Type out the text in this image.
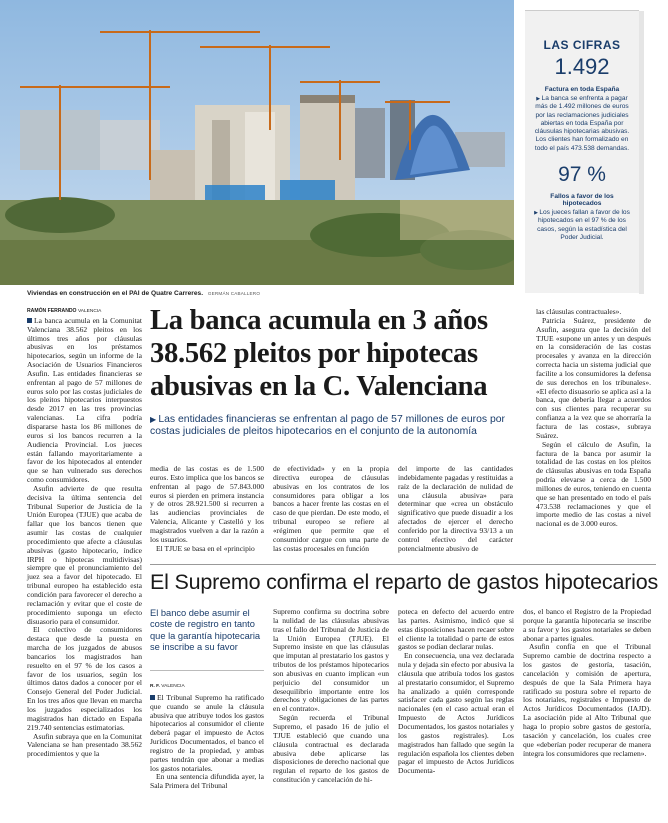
Viviendas en construcción en el PAI de Quatre Carreres. GERMÁN CABALLERO
LAS CIFRAS
1.492
Factura en toda España
▶ La banca se enfrenta a pagar más de 1.492 millones de euros por las reclamaciones judiciales abiertas en toda España por cláusulas hipotecarias abusivas. Los clientes han formalizado en todo el país 473.538 demandas.
97 %
Fallos a favor de los hipotecados
▶ Los jueces fallan a favor de los hipotecados en el 97 % de los casos, según la estadística del Poder Judicial.
RAMÓN FERRANDO VALENCIA

La banca acumula en la Comunitat Valenciana 38.562 pleitos en los últimos tres años por cláusulas abusivas en los préstamos hipotecarios, según un informe de la Asociación de Usuarios Financieros Asufin. Las entidades financieras se enfrentan al pago de 57 millones de euros solo por las costas judiciales de los pleitos hipotecarios interpuestos desde 2017 en las tres provincias valencianas. La cifra podría dispararse hasta los 86 millones de euros si los bancos recurren a la Audiencia Provincial. Los jueces están fallando mayoritariamente a favor de los hipotecados al entender que se han vulnerado sus derechos como consumidores.

Asufin advierte de que resulta decisiva la última sentencia del Tribunal Superior de Justicia de la Unión Europea (TJUE) que acaba de fallar que los bancos tienen que asumir las costas de cualquier procedimiento que afecte a cláusulas abusivas (gasto hipotecario, índice IRPH o hipotecas multidivisas) siempre que el pronunciamiento del juez sea a favor del hipotecado. El tribunal europeo ha establecido esta condición para favorecer el derecho a reclamación y evitar que el coste de procedimiento suponga un efecto disuasorio para el consumidor.

El colectivo de consumidores destaca que desde la puesta en marcha de los juzgados de abusos bancarios los magistrados han resuelto en el 97 % de los casos a favor de los usuarios, según los últimos datos dados a conocer por el Consejo General del Poder Judicial. En los tres años que llevan en marcha los juzgados especializados los magistrados han dictado en España 219.740 sentencias estimatorias.

Asufin subraya que en la Comunitat Valenciana se han presentado 38.562 procedimientos y que la

La banca acumula en 3 años 38.562 pleitos por hipotecas abusivas en la C. Valenciana
▶ Las entidades financieras se enfrentan al pago de 57 millones de euros por costas judiciales de pleitos hipotecarios en el conjunto de la autonomía

las cláusulas contractuales».

Patricia Suárez, presidente de Asufin, asegura que la decisión del TJUE «supone un antes y un después en la consideración de las costas procesales y avanza en la dirección correcta hacia un sistema judicial que facilite a los consumidores la defensa de sus derechos en los tribunales». «El efecto disuasorio se aplica así a la banca, que debería llegar a acuerdos con sus clientes para recuperar su confianza a la vez que se ahorraría la factura de las costas», subraya Suárez.

Según el cálculo de Asufin, la factura de la banca por asumir la totalidad de las costas en los pleitos de cláusulas abusivas en toda España podría elevarse a cerca de 1.500 millones de euros, teniendo en cuenta que se han presentado en todo el país 473.538 reclamaciones y que el importe medio de las costas a nivel nacional es de 3.000 euros.

media de las costas es de 1.500 euros. Esto implica que los bancos se enfrentan al pago de 57.843.000 euros si pierden en primera instancia y de otros 28.921.500 si recurren a las audiencias provinciales de Valencia, Alicante y Castelló y los magistrados vuelven a dar la razón a los usuarios.

El TJUE se basa en el «principio

de efectividad» y en la propia directiva europea de cláusulas abusivas en los contratos de los consumidores para obligar a los bancos a hacer frente las costas en el caso de que pierdan. De este modo, el tribunal europeo se refiere al «régimen que permite que el consumidor cargue con una parte de las costas procesales en función

del importe de las cantidades indebidamente pagadas y restituidas a raíz de la declaración de nulidad de una cláusula abusiva» para determinar que «crea un obstáculo significativo que puede disuadir a los afectados de ejercer el derecho conferido por la directiva 93/13 a un control efectivo del carácter potencialmente abusivo de

El Supremo confirma el reparto de gastos hipotecarios
El banco debe asumir el coste de registro en tanto que la garantía hipotecaria se inscribe a su favor
R. F. VALENCIA

El Tribunal Supremo ha ratificado que cuando se anule la cláusula abusiva que atribuye todos los gastos hipotecarios al consumidor el cliente deberá pagar el impuesto de Actos Jurídicos Documentados, el banco el registro de la propiedad, y ambas partes tendrán que abonar a medias los gastos notariales.

En una sentencia difundida ayer, la Sala Primera del Tribunal

Supremo confirma su doctrina sobre la nulidad de las cláusulas abusivas tras el fallo del Tribunal de Justicia de la Unión Europea (TJUE). El Supremo insiste en que las cláusulas que imputan al prestatario los gastos y tributos de los préstamos hipotecarios son abusivas en cuanto implican «un perjuicio del consumidor un desequilibrio importante entre los derechos y obligaciones de las partes en el contrato».

Según recuerda el Tribunal Supremo, el pasado 16 de julio el TJUE estableció que cuando una cláusula contractual es declarada abusiva debe aplicarse las disposiciones de derecho nacional que regulan el reparto de los gastos de constitución y cancelación de hi-

poteca en defecto del acuerdo entre las partes. Asimismo, indicó que si estas disposiciones hacen recaer sobre el cliente la totalidad o parte de estos gastos se podían declarar nulas.

En consecuencia, una vez declarada nula y dejada sin efecto por abusiva la cláusula que atribuía todos los gastos al prestatario consumidor, el Supremo ha analizado a quién corresponde satisfacer cada gasto según las reglas nacionales (en el caso actual eran el Impuesto de Actos Jurídicos Documentados, los gastos notariales y los gastos registrales). Los magistrados han fallado que según la regulación española los clientes deben pagar el impuesto de Actos Jurídicos Documenta-

dos, el banco el Registro de la Propiedad porque la garantía hipotecaria se inscribe a su favor y los gastos notariales se deben abonar a partes iguales.

Asufin confía en que el Tribunal Supremo cambie de doctrina respecto a los gastos de gestoría, tasación, cancelación y comisión de apertura, después de que la Sala Primera haya ratificado su postura sobre el reparto de los notariales, registrales e Impuesto de Actos Jurídicos Documentados (IAJD). La asociación pide al Alto Tribunal que haga lo propio sobre gastos de gestoría, tasación y cancelación, los cuales cree que «deberían poder recuperar de manera íntegra los consumidores que reclamen».
